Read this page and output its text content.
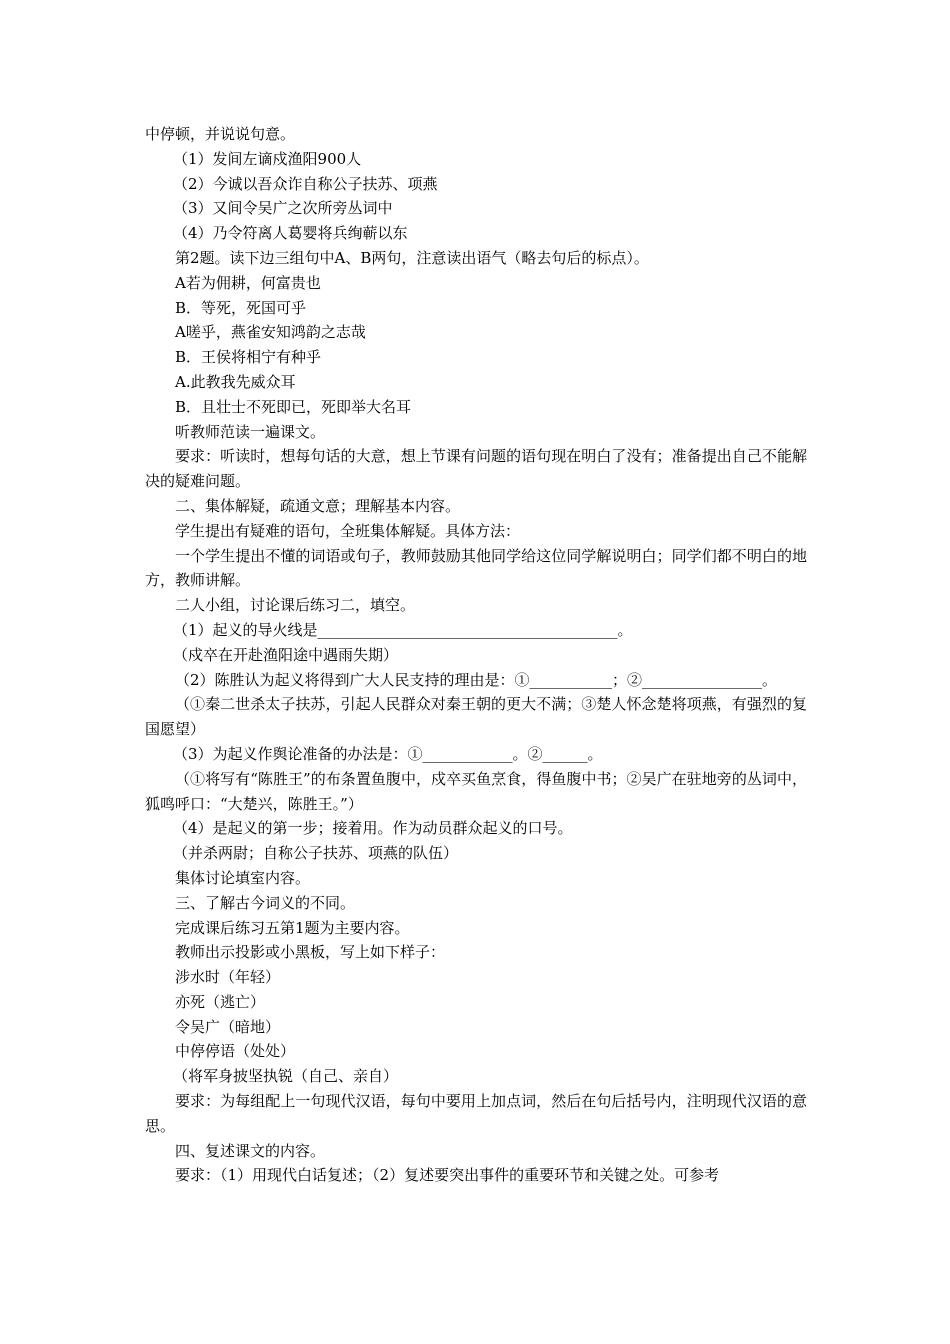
中停顿，并说说句意。

（1）发间左谪戍渔阳900人

（2）今诚以吾众诈自称公子扶苏、项燕

（3）又间令吴广之次所旁丛词中

（4）乃令符离人葛婴将兵绚蕲以东

第2题。读下边三组句中A、B两句，注意读出语气（略去句后的标点）。

A若为佣耕，何富贵也

B．等死，死国可乎

A嗟乎，燕雀安知鸿韵之志哉

B．王侯将相宁有种乎

A.此教我先威众耳

B．且壮士不死即已，死即举大名耳

听教师范读一遍课文。

要求：听读时，想每句话的大意，想上节课有问题的语句现在明白了没有；准备提出自己不能解决的疑难问题。

二、集体解疑，疏通文意；理解基本内容。

学生提出有疑难的语句，全班集体解疑。具体方法：

一个学生提出不懂的词语或句子，教师鼓励其他同学给这位同学解说明白；同学们都不明白的地方，教师讲解。

二人小组，讨论课后练习二，填空。

（1）起义的导火线是________________________________________。

（戍卒在开赴渔阳途中遇雨失期）

（2）陈胜认为起义将得到广大人民支持的理由是：①___________；②________________。

（①秦二世杀太子扶苏，引起人民群众对秦王朝的更大不满；③楚人怀念楚将项燕，有强烈的复国愿望）

（3）为起义作舆论准备的办法是：①____________。②______。

（①将写有“陈胜王”的布条置鱼腹中，戍卒买鱼烹食，得鱼腹中书；②吴广在驻地旁的丛词中，狐鸣呼口：“大楚兴，陈胜王。”）

（4）是起义的第一步；接着用。作为动员群众起义的口号。

（并杀两尉；自称公子扶苏、项燕的队伍）

集体讨论填室内容。

三、了解古今词义的不同。

完成课后练习五第1题为主要内容。

教师出示投影或小黑板，写上如下样子：

涉水时（年轻）

亦死（逃亡）

令吴广（暗地）

中停停语（处处）

（将军身披坚执锐（自己、亲自）

要求：为每组配上一句现代汉语，每句中要用上加点词，然后在句后括号内，注明现代汉语的意思。

四、复述课文的内容。

要求：（1）用现代白话复述；（2）复述要突出事件的重要环节和关键之处。可参考
